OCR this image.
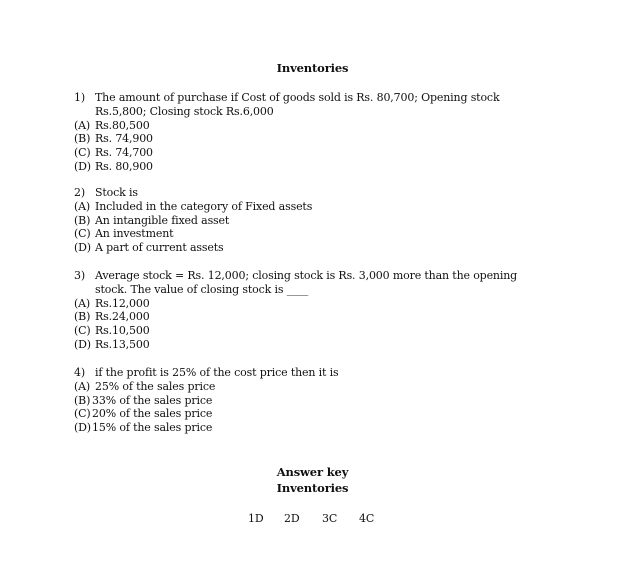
Inventories
1) The amount of purchase if Cost of goods sold is Rs. 80,700; Opening stock
Rs.5,800; Closing stock Rs.6,000
(A) Rs.80,500
(B) Rs. 74,900
(C) Rs. 74,700
(D) Rs. 80,900
2) Stock is
(A) Included in the category of Fixed assets
(B) An intangible fixed asset
(C) An investment
(D) A part of current assets
3) Average stock = Rs. 12,000; closing stock is Rs. 3,000 more than the opening
stock. The value of closing stock is ____
(A) Rs.12,000
(B) Rs.24,000
(C) Rs.10,500
(D) Rs.13,500
4) if the profit is 25% of the cost price then it is
(A) 25% of the sales price
(B) 33% of the sales price
(C) 20% of the sales price
(D) 15% of the sales price
Answer key
Inventories
1D 2D 3C 4C
